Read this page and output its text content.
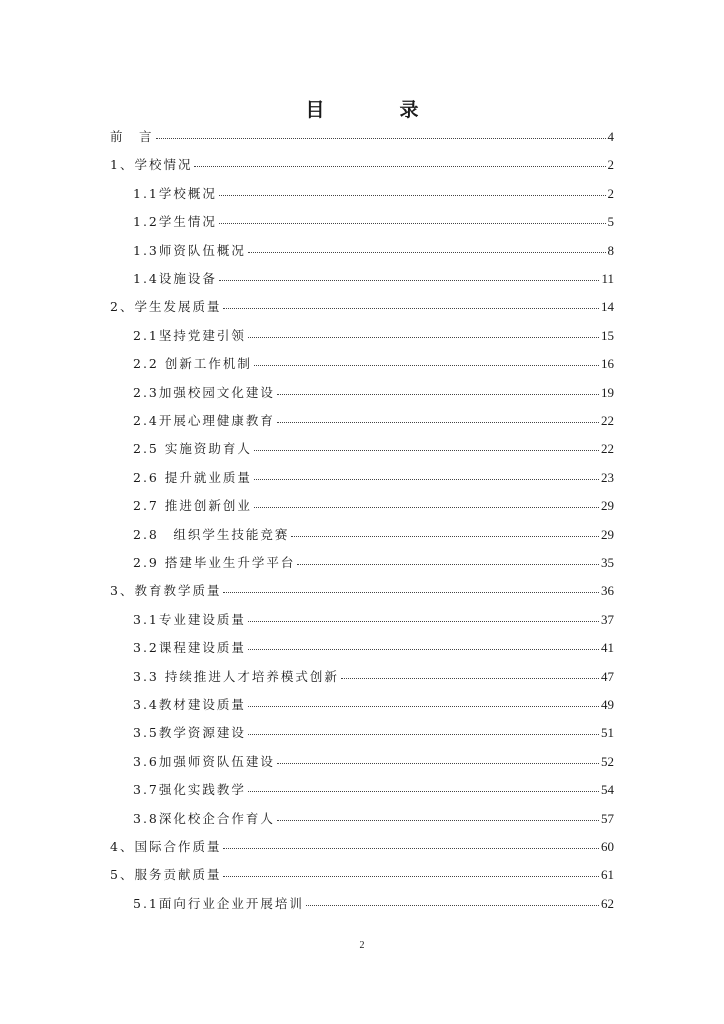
目　录
前　言	4
1、学校情况	2
1.1学校概况	2
1.2学生情况	5
1.3师资队伍概况	8
1.4设施设备	11
2、学生发展质量	14
2.1坚持党建引领	15
2.2 创新工作机制	16
2.3加强校园文化建设	19
2.4开展心理健康教育	22
2.5 实施资助育人	22
2.6 提升就业质量	23
2.7 推进创新创业	29
2.8　组织学生技能竞赛	29
2.9 搭建毕业生升学平台	35
3、教育教学质量	36
3.1专业建设质量	37
3.2课程建设质量	41
3.3 持续推进人才培养模式创新	47
3.4教材建设质量	49
3.5教学资源建设	51
3.6加强师资队伍建设	52
3.7强化实践教学	54
3.8深化校企合作育人	57
4、国际合作质量	60
5、服务贡献质量	61
5.1面向行业企业开展培训	62
2
